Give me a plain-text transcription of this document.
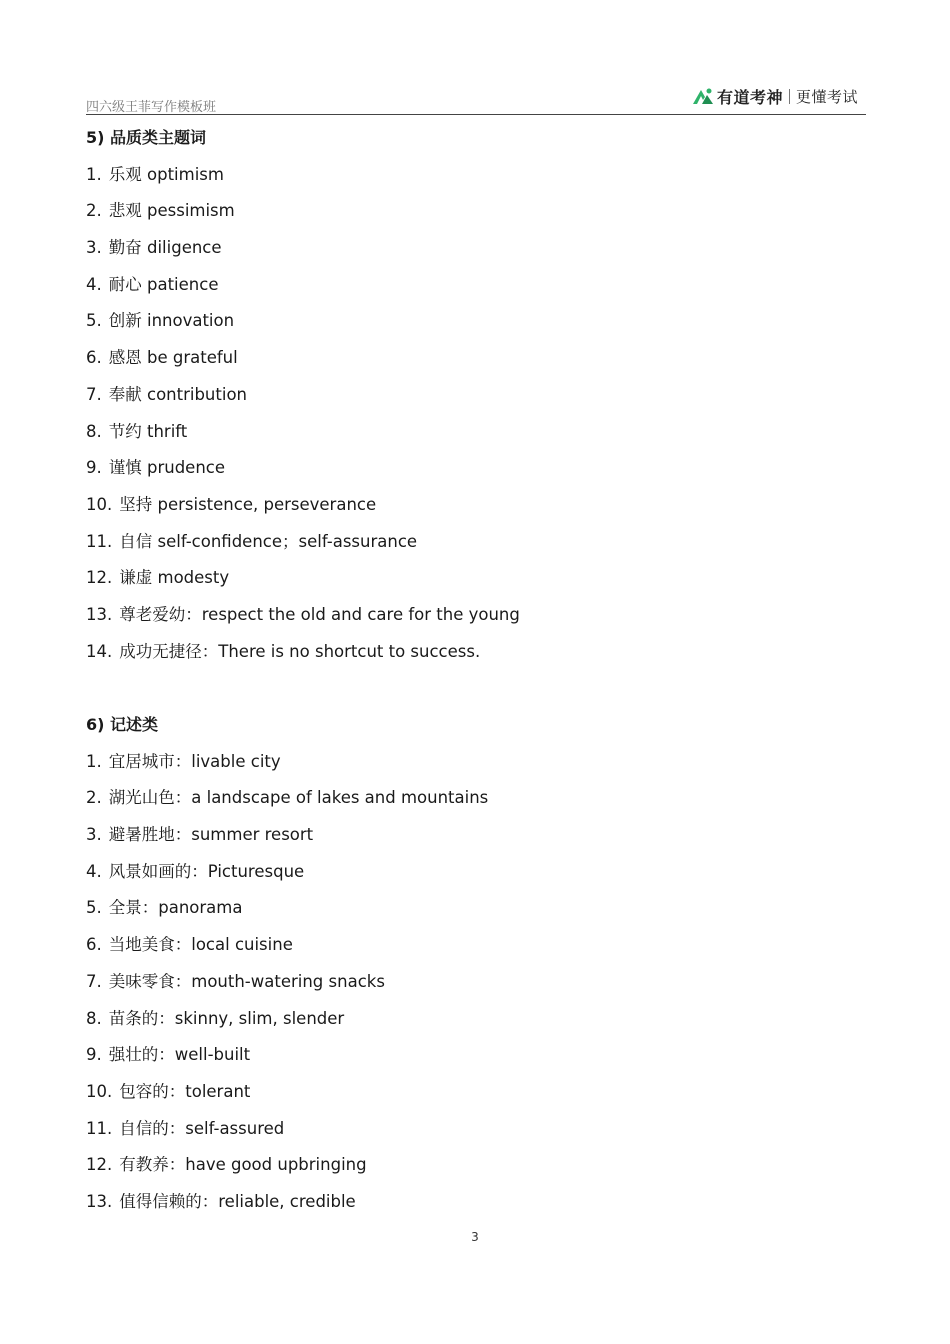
四六级王菲写作模板班
有道考神 更懂考试
5) 品质类主题词
1. 乐观 optimism
2. 悲观 pessimism
3. 勤奋 diligence
4. 耐心 patience
5. 创新 innovation
6. 感恩 be grateful
7. 奉献 contribution
8. 节约 thrift
9. 谨慎 prudence
10. 坚持 persistence, perseverance
11. 自信 self-confidence；self-assurance
12. 谦虚 modesty
13. 尊老爱幼：respect the old and care for the young
14. 成功无捷径：There is no shortcut to success.
6) 记述类
1. 宜居城市：livable city
2. 湖光山色：a landscape of lakes and mountains
3. 避暑胜地：summer resort
4. 风景如画的：Picturesque
5. 全景：panorama
6. 当地美食：local cuisine
7. 美味零食：mouth-watering snacks
8. 苗条的：skinny, slim, slender
9. 强壮的：well-built
10. 包容的：tolerant
11. 自信的：self-assured
12. 有教养：have good upbringing
13. 值得信赖的：reliable, credible
3
